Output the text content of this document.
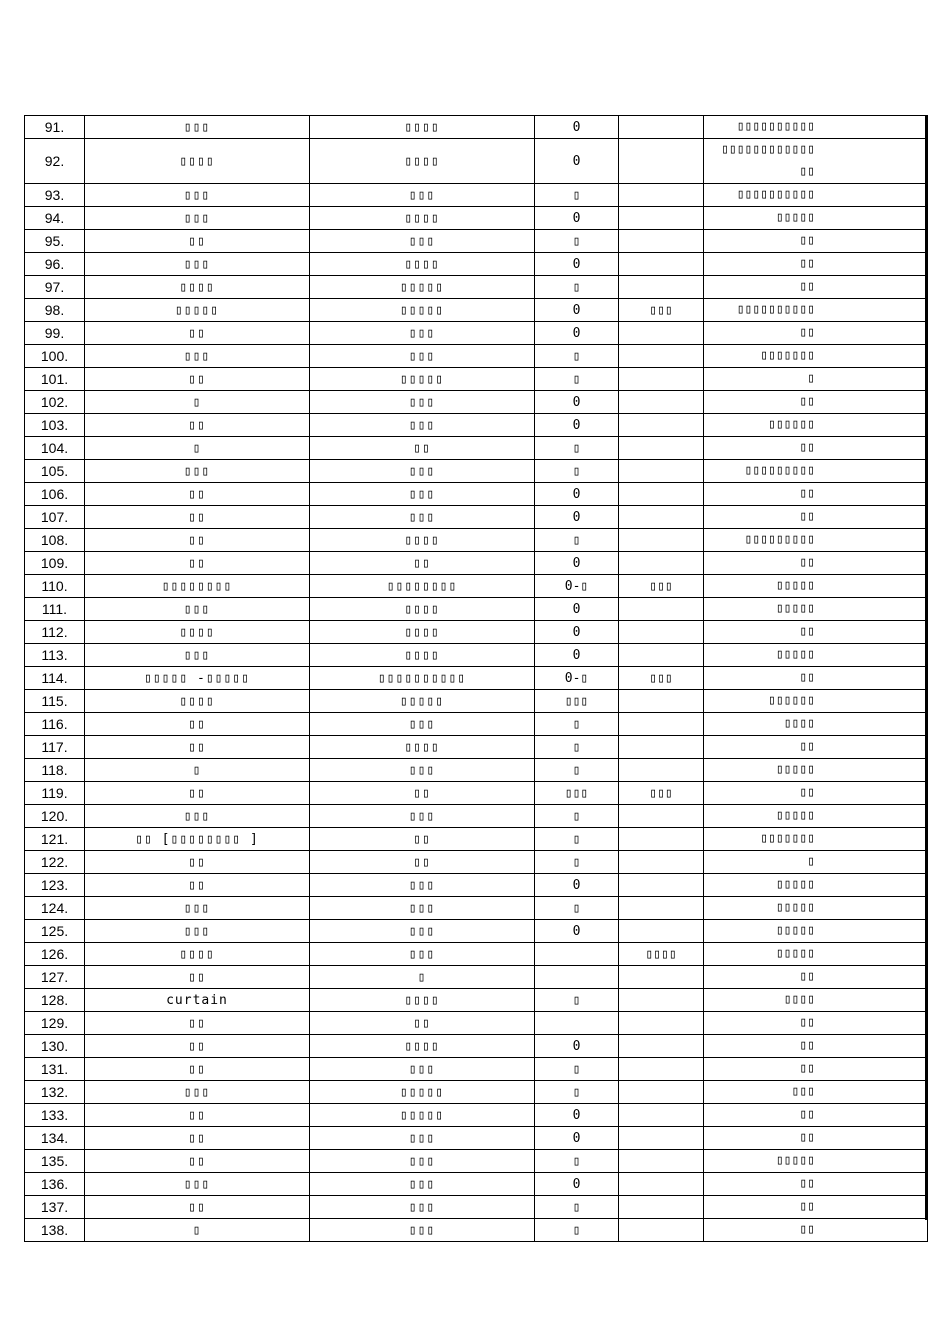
91.	▯▯▯	▯▯▯▯	0		▯▯▯▯▯▯▯▯▯▯
92.	▯▯▯▯	▯▯▯▯	0		▯▯▯▯▯▯▯▯▯▯▯▯ ▯▯
93.	▯▯▯	▯▯▯	▯		▯▯▯▯▯▯▯▯▯▯
94.	▯▯▯	▯▯▯▯	0		▯▯▯▯▯
95.	▯▯	▯▯▯	▯		▯▯
96.	▯▯▯	▯▯▯▯	0		▯▯
97.	▯▯▯▯	▯▯▯▯▯	▯		▯▯
98.	▯▯▯▯▯	▯▯▯▯▯	0	▯▯▯	▯▯▯▯▯▯▯▯▯▯
99.	▯▯	▯▯▯	0		▯▯
100.	▯▯▯	▯▯▯	▯		▯▯▯▯▯▯▯
101.	▯▯	▯▯▯▯▯	▯		▯
102.	▯	▯▯▯	0		▯▯
103.	▯▯	▯▯▯	0		▯▯▯▯▯▯
104.	▯	▯▯	▯		▯▯
105.	▯▯▯	▯▯▯	▯		▯▯▯▯▯▯▯▯▯
106.	▯▯	▯▯▯	0		▯▯
107.	▯▯	▯▯▯	0		▯▯
108.	▯▯	▯▯▯▯	▯		▯▯▯▯▯▯▯▯▯
109.	▯▯	▯▯	0		▯▯
110.	▯▯▯▯▯▯▯▯	▯▯▯▯▯▯▯▯	0-▯	▯▯▯	▯▯▯▯▯
111.	▯▯▯	▯▯▯▯	0		▯▯▯▯▯
112.	▯▯▯▯	▯▯▯▯	0		▯▯
113.	▯▯▯	▯▯▯▯	0		▯▯▯▯▯
114.	▯▯▯▯▯ -▯▯▯▯▯	▯▯▯▯▯▯▯▯▯▯	0-▯	▯▯▯	▯▯
115.	▯▯▯▯	▯▯▯▯▯	▯▯▯		▯▯▯▯▯▯
116.	▯▯	▯▯▯	▯		▯▯▯▯
117.	▯▯	▯▯▯▯	▯		▯▯
118.	▯	▯▯▯	▯		▯▯▯▯▯
119.	▯▯	▯▯	▯▯▯	▯▯▯	▯▯
120.	▯▯▯	▯▯▯	▯		▯▯▯▯▯
121.	▯▯ [▯▯▯▯▯▯▯▯ ]	▯▯	▯		▯▯▯▯▯▯▯
122.	▯▯	▯▯	▯		▯
123.	▯▯	▯▯▯	0		▯▯▯▯▯
124.	▯▯▯	▯▯▯	▯		▯▯▯▯▯
125.	▯▯▯	▯▯▯	0		▯▯▯▯▯
126.	▯▯▯▯	▯▯▯		▯▯▯▯	▯▯▯▯▯
127.	▯▯	▯			▯▯
128.	curtain	▯▯▯▯	▯		▯▯▯▯
129.	▯▯	▯▯			▯▯
130.	▯▯	▯▯▯▯	0		▯▯
131.	▯▯	▯▯▯	▯		▯▯
132.	▯▯▯	▯▯▯▯▯	▯		▯▯▯
133.	▯▯	▯▯▯▯▯	0		▯▯
134.	▯▯	▯▯▯	0		▯▯
135.	▯▯	▯▯▯	▯		▯▯▯▯▯
136.	▯▯▯	▯▯▯	0		▯▯
137.	▯▯	▯▯▯	▯		▯▯
138.	▯	▯▯▯	▯		▯▯
